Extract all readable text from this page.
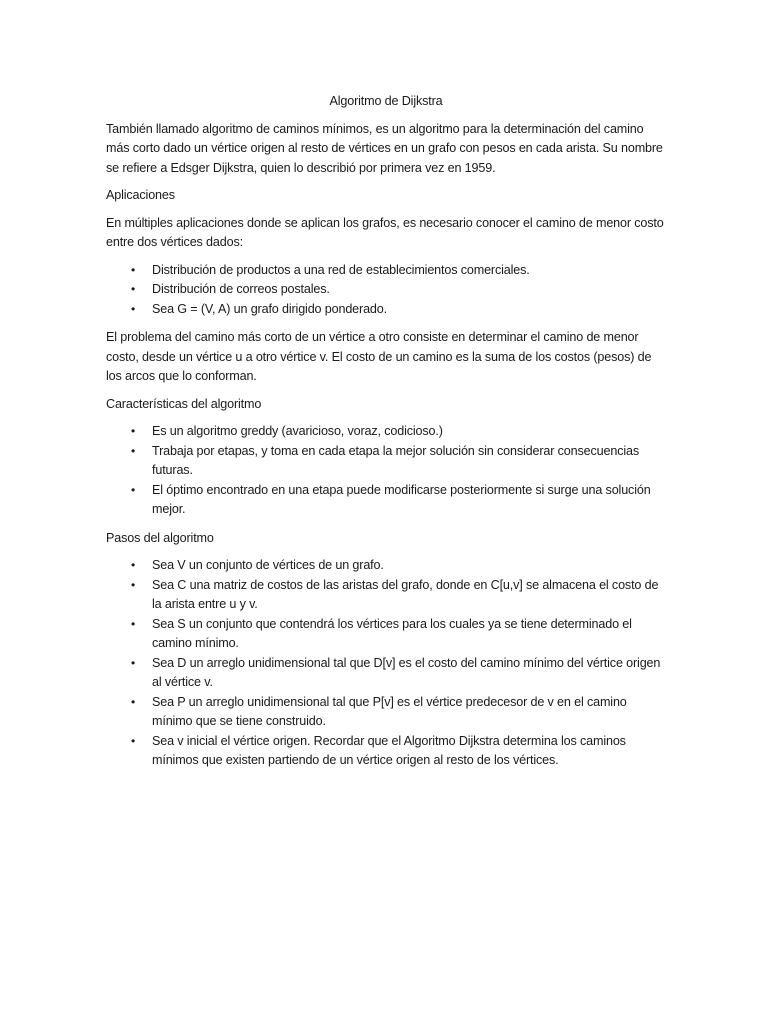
Algoritmo de Dijkstra

También llamado algoritmo de caminos mínimos, es un algoritmo para la determinación del camino más corto dado un vértice origen al resto de vértices en un grafo con pesos en cada arista. Su nombre se refiere a Edsger Dijkstra, quien lo describió por primera vez en 1959.

Aplicaciones

En múltiples aplicaciones donde se aplican los grafos, es necesario conocer el camino de menor costo entre dos vértices dados:

• Distribución de productos a una red de establecimientos comerciales.
• Distribución de correos postales.
• Sea G = (V, A) un grafo dirigido ponderado.

El problema del camino más corto de un vértice a otro consiste en determinar el camino de menor costo, desde un vértice u a otro vértice v. El costo de un camino es la suma de los costos (pesos) de los arcos que lo conforman.

Características del algoritmo
• Es un algoritmo greddy (avaricioso, voraz, codicioso.)
• Trabaja por etapas, y toma en cada etapa la mejor solución sin considerar consecuencias futuras.
• El óptimo encontrado en una etapa puede modificarse posteriormente si surge una solución mejor.
Pasos del algoritmo
• Sea V un conjunto de vértices de un grafo.
• Sea C una matriz de costos de las aristas del grafo, donde en C[u,v] se almacena el costo de la arista entre u y v.
• Sea S un conjunto que contendrá los vértices para los cuales ya se tiene determinado el camino mínimo.
• Sea D un arreglo unidimensional tal que D[v] es el costo del camino mínimo del vértice origen al vértice v.
• Sea P un arreglo unidimensional tal que P[v] es el vértice predecesor de v en el camino mínimo que se tiene construido.
• Sea v inicial el vértice origen. Recordar que el Algoritmo Dijkstra determina los caminos mínimos que existen partiendo de un vértice origen al resto de los vértices.
